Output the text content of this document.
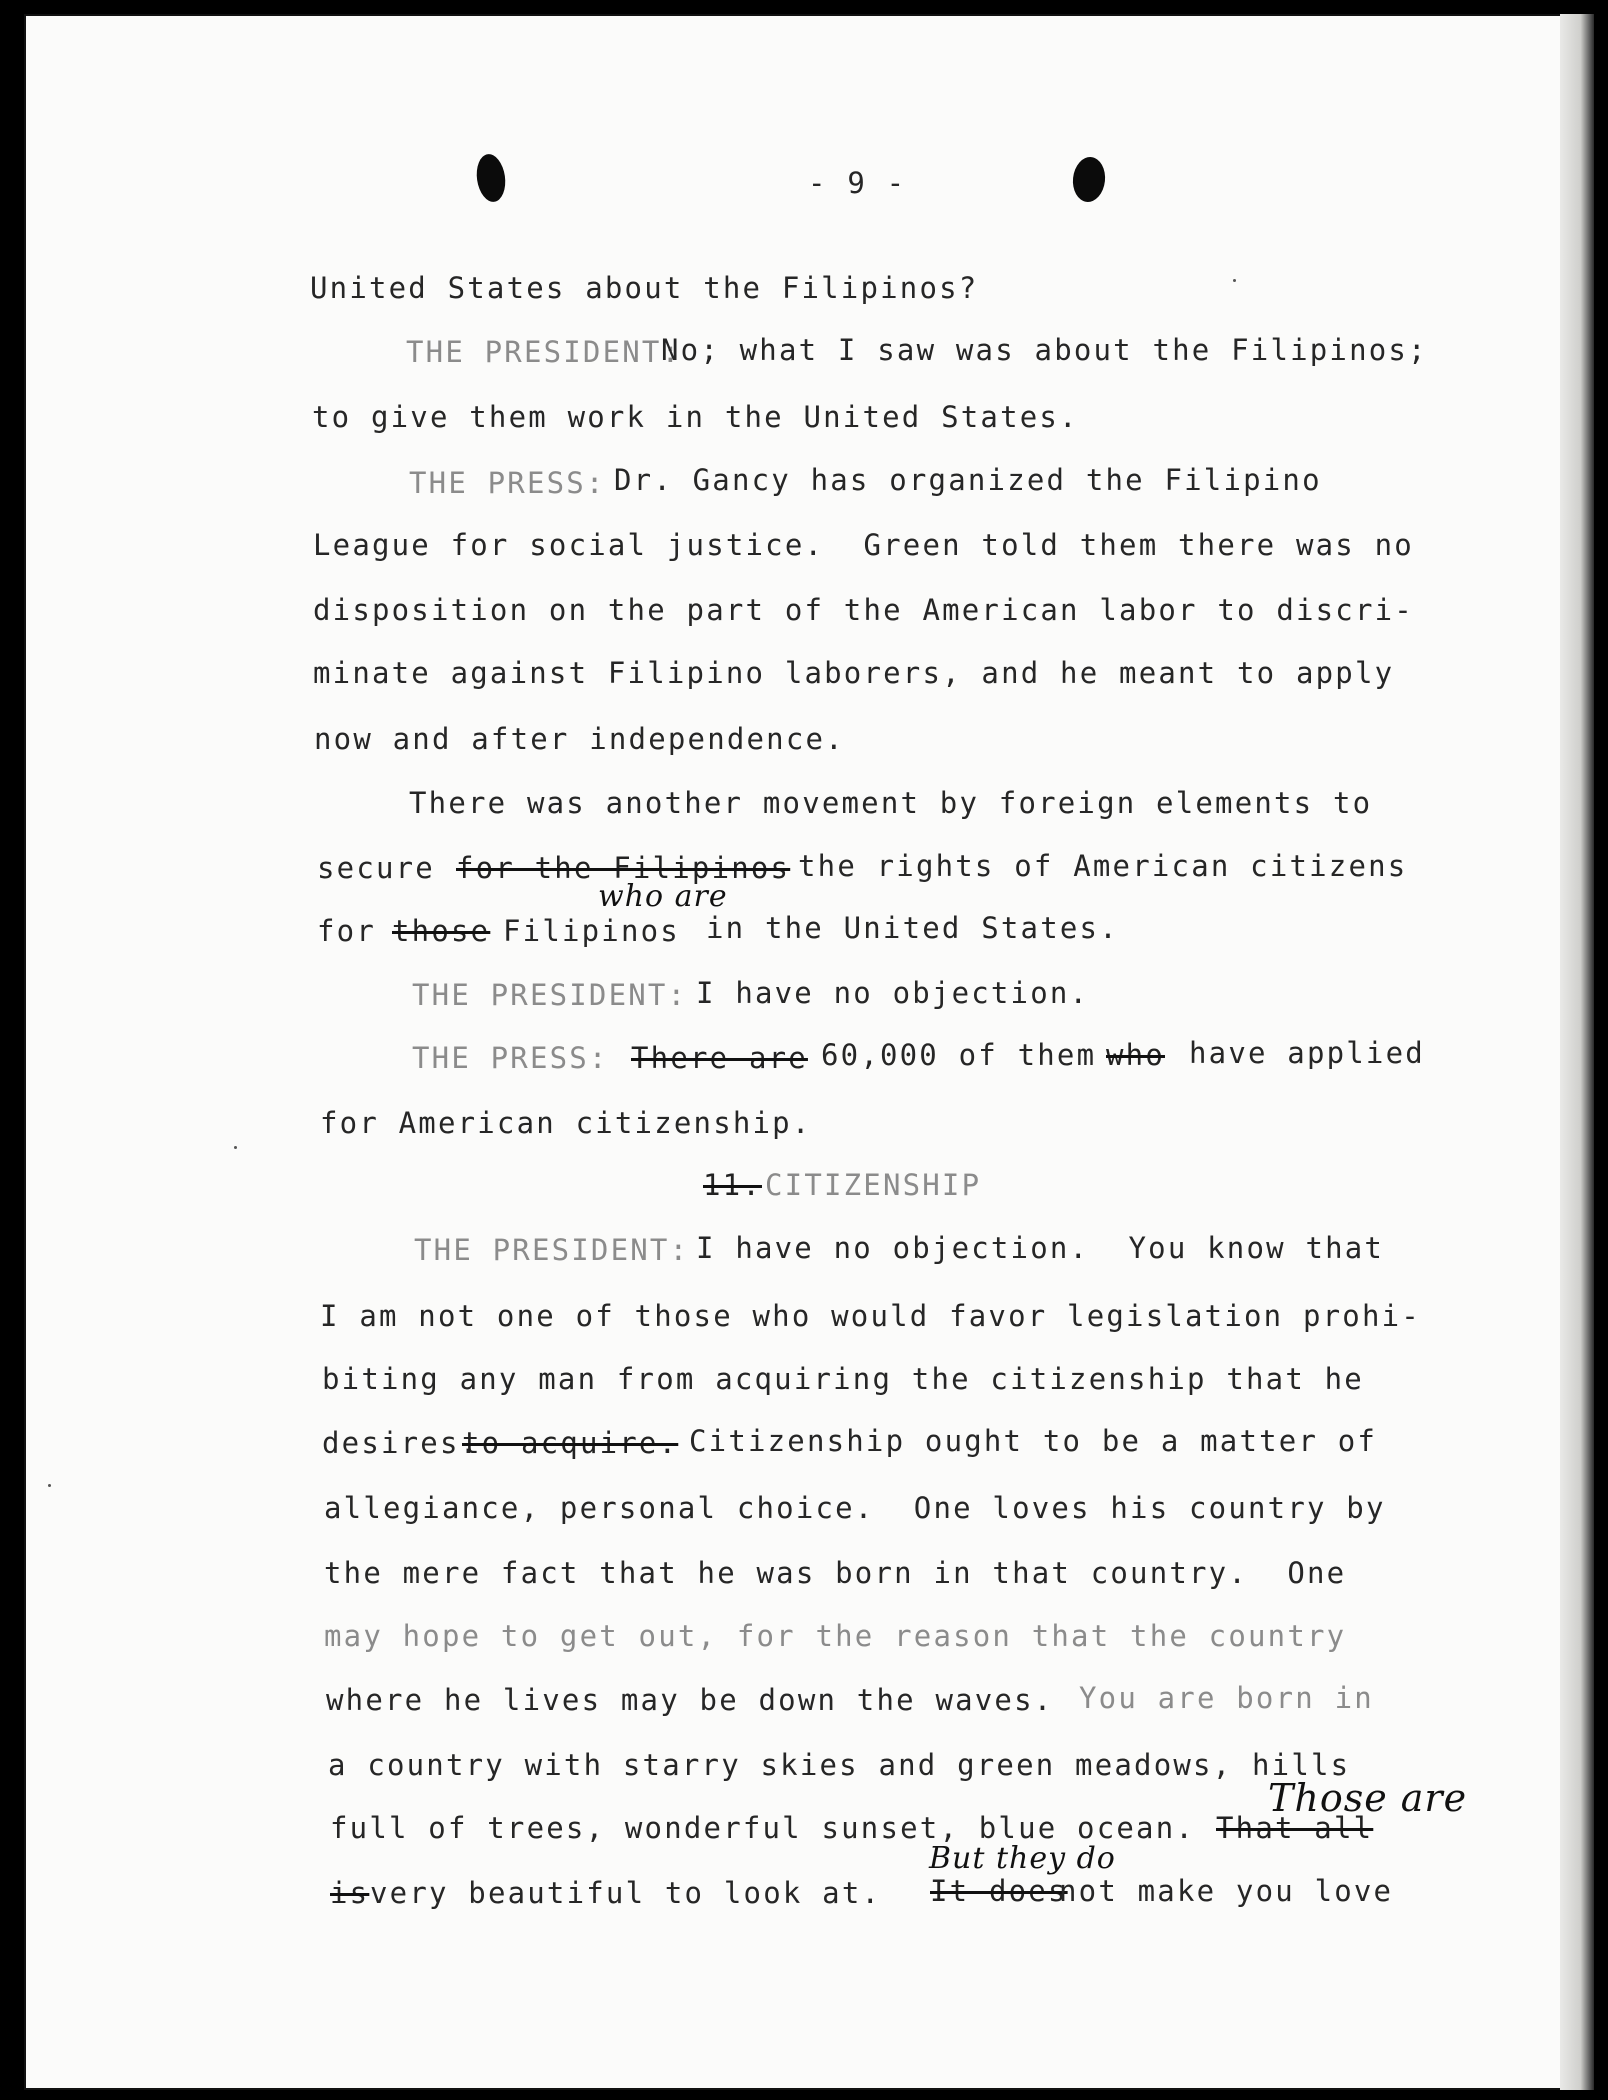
- 9 -
United States about the Filipinos?
THE PRESIDENT:
No; what I saw was about the Filipinos;
to give them work in the United States.
THE PRESS: Dr. Gancy has organized the Filipino
League for social justice.  Green told them there was no
disposition on the part of the American labor to discri-
minate against Filipino laborers, and he meant to apply
now and after independence.
There was another movement by foreign elements to
secure for the Filipinos the rights of American citizens
who are
for those Filipinos in the United States.
THE PRESIDENT: I have no objection.
THE PRESS: There are 60,000 of them who have applied
for American citizenship.
11. CITIZENSHIP
THE PRESIDENT: I have no objection.  You know that
I am not one of those who would favor legislation prohi-
biting any man from acquiring the citizenship that he
desires.
to acquire. Citizenship ought to be a matter of
allegiance, personal choice.  One loves his country by
the mere fact that he was born in that country.  One
may hope to get out, for the reason that the country
where he lives may be down the waves. You are born in
a country with starry skies and green meadows, hills
Those are
full of trees, wonderful sunset, blue ocean. That all
But they do
is very beautiful to look at. It does
not make you love
